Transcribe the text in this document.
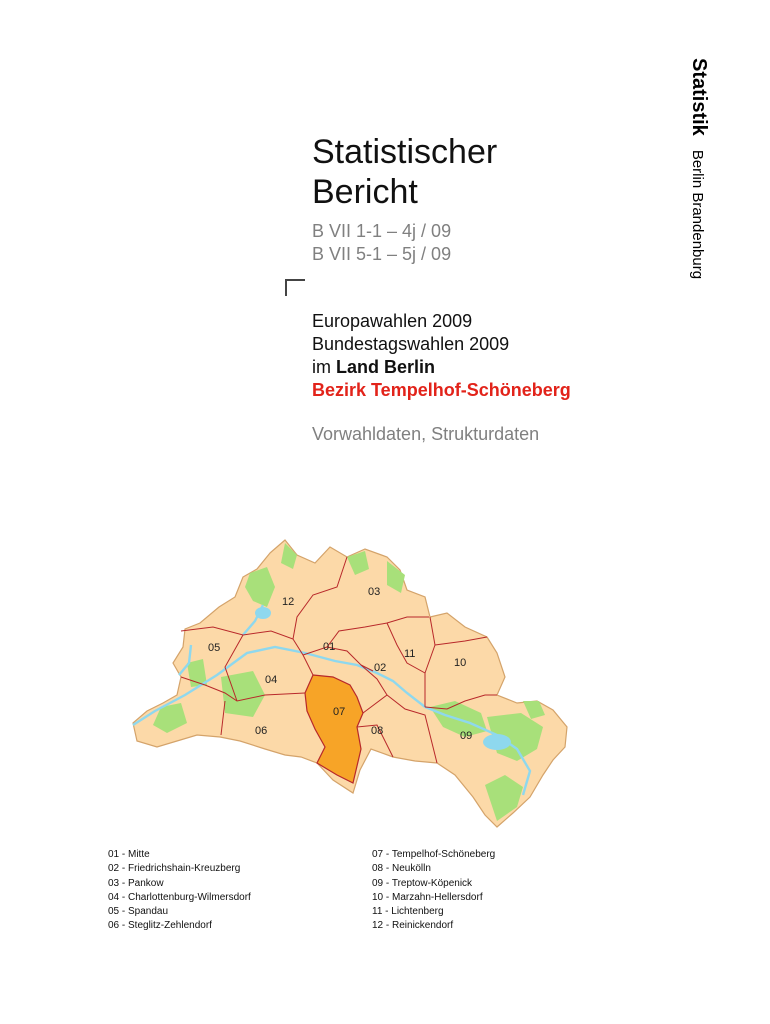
StatistikBerlin Brandenburg
Statistischer
Bericht
B VII 1-1 – 4j / 09
B VII 5-1 – 5j / 09
Europawahlen 2009
Bundestagswahlen 2009
im Land Berlin
Bezirk Tempelhof-Schöneberg
Vorwahldaten, Strukturdaten
12
03
05	01
11
10
02
04
07
06	08	09
01 - Mitte
02 - Friedrichshain-Kreuzberg
03 - Pankow
04 - Charlottenburg-Wilmersdorf
05 - Spandau
06 - Steglitz-Zehlendorf
07 - Tempelhof-Schöneberg
08 - Neukölln
09 - Treptow-Köpenick
10 - Marzahn-Hellersdorf
11 - Lichtenberg
12 - Reinickendorf
